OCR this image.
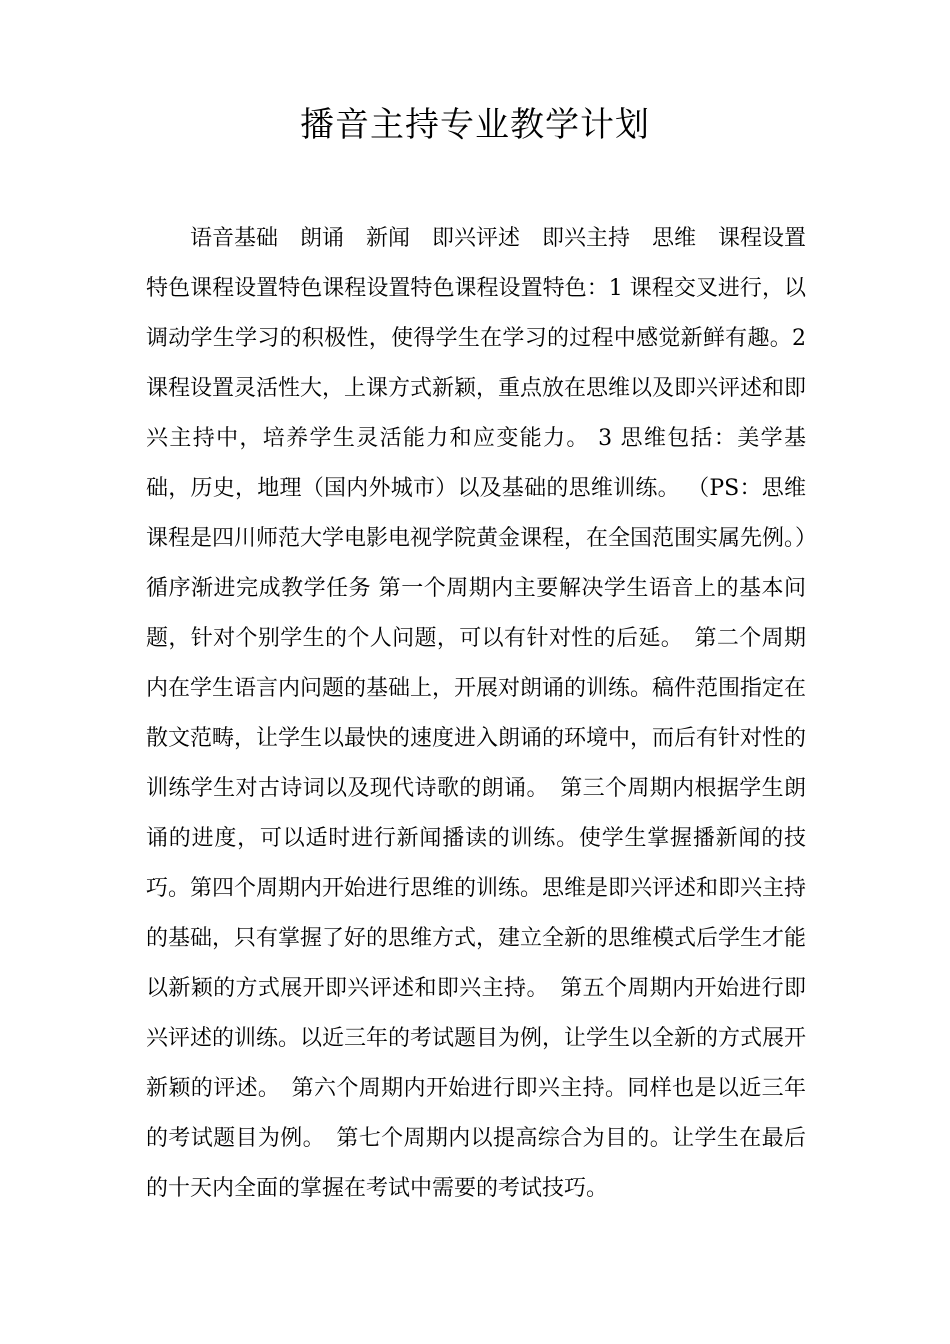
播音主持专业教学计划

语音基础　朗诵　新闻　即兴评述　即兴主持　思维　课程设置特色课程设置特色课程设置特色课程设置特色：1 课程交叉进行，以调动学生学习的积极性，使得学生在学习的过程中感觉新鲜有趣。2 课程设置灵活性大，上课方式新颖，重点放在思维以及即兴评述和即兴主持中，培养学生灵活能力和应变能力。 3 思维包括：美学基础，历史，地理（国内外城市）以及基础的思维训练。 （PS：思维课程是四川师范大学电影电视学院黄金课程，在全国范围实属先例。）循序渐进完成教学任务 第一个周期内主要解决学生语音上的基本问题，针对个别学生的个人问题，可以有针对性的后延。　第二个周期内在学生语言内问题的基础上，开展对朗诵的训练。稿件范围指定在散文范畴，让学生以最快的速度进入朗诵的环境中，而后有针对性的训练学生对古诗词以及现代诗歌的朗诵。　第三个周期内根据学生朗诵的进度，可以适时进行新闻播读的训练。使学生掌握播新闻的技巧。第四个周期内开始进行思维的训练。思维是即兴评述和即兴主持的基础，只有掌握了好的思维方式，建立全新的思维模式后学生才能以新颖的方式展开即兴评述和即兴主持。　第五个周期内开始进行即兴评述的训练。以近三年的考试题目为例，让学生以全新的方式展开新颖的评述。　第六个周期内开始进行即兴主持。同样也是以近三年的考试题目为例。　第七个周期内以提高综合为目的。让学生在最后的十天内全面的掌握在考试中需要的考试技巧。
